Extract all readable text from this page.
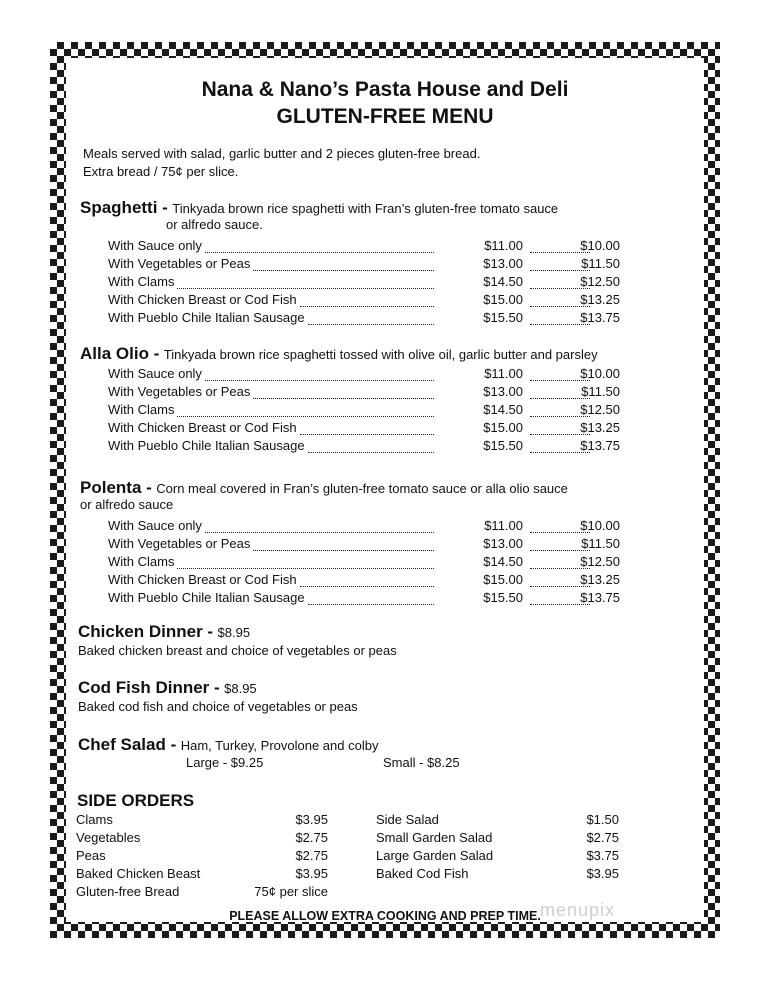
Nana & Nano’s Pasta House and Deli
GLUTEN-FREE MENU
Meals served with salad, garlic butter and 2 pieces gluten-free bread.
Extra bread / 75¢ per slice.
Spaghetti - Tinkyada brown rice spaghetti with Fran’s gluten-free tomato sauce
or alfredo sauce.
With Sauce only	$11.00	$10.00
With Vegetables or Peas	$13.00	$11.50
With Clams	$14.50	$12.50
With Chicken Breast or Cod Fish	$15.00	$13.25
With Pueblo Chile Italian Sausage	$15.50	$13.75
Alla Olio - Tinkyada brown rice spaghetti tossed with olive oil, garlic butter and parsley
With Sauce only	$11.00	$10.00
With Vegetables or Peas	$13.00	$11.50
With Clams	$14.50	$12.50
With Chicken Breast or Cod Fish	$15.00	$13.25
With Pueblo Chile Italian Sausage	$15.50	$13.75
Polenta - Corn meal covered in Fran’s gluten-free tomato sauce or alla olio sauce
or alfredo sauce
With Sauce only	$11.00	$10.00
With Vegetables or Peas	$13.00	$11.50
With Clams	$14.50	$12.50
With Chicken Breast or Cod Fish	$15.00	$13.25
With Pueblo Chile Italian Sausage	$15.50	$13.75
Chicken Dinner - $8.95
Baked chicken breast and choice of vegetables or peas
Cod Fish Dinner - $8.95
Baked cod fish and choice of vegetables or peas
Chef Salad - Ham, Turkey, Provolone and colby
Large - $9.25	Small - $8.25
SIDE ORDERS
Clams	$3.95
Vegetables	$2.75
Peas	$2.75
Baked Chicken Beast	$3.95
Gluten-free Bread	75¢ per slice
Side Salad	$1.50
Small Garden Salad	$2.75
Large Garden Salad	$3.75
Baked Cod Fish	$3.95
PLEASE ALLOW EXTRA COOKING AND PREP TIME. menupix
